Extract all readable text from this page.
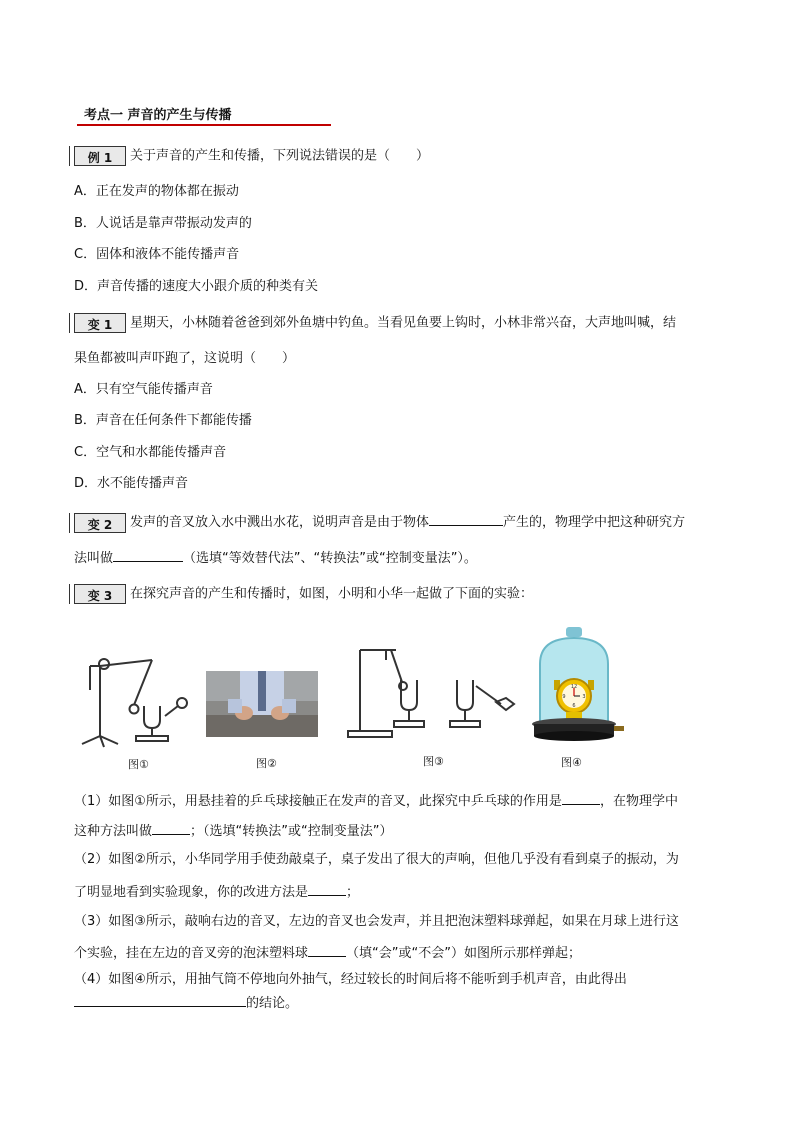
考点一 声音的产生与传播
例 1	关于声音的产生和传播，下列说法错误的是（　　）
A．正在发声的物体都在振动
B．人说话是靠声带振动发声的
C．固体和液体不能传播声音
D．声音传播的速度大小跟介质的种类有关
变 1	星期天，小林随着爸爸到郊外鱼塘中钓鱼。当看见鱼要上钩时，小林非常兴奋，大声地叫喊，结
果鱼都被叫声吓跑了，这说明（　　）
A．只有空气能传播声音
B．声音在任何条件下都能传播
C．空气和水都能传播声音
D．水不能传播声音
变 2	发声的音叉放入水中溅出水花，说明声音是由于物体	产生的，物理学中把这种研究方
法叫做	（选填“等效替代法”、“转换法”或“控制变量法”）。
变 3	在探究声音的产生和传播时，如图，小明和小华一起做了下面的实验：
图①	图②	图③
12
3
6
9
图④
（1）如图①所示，用悬挂着的乒乓球接触正在发声的音叉，此探究中乒乓球的作用是	，在物理学中
这种方法叫做	；（选填“转换法”或“控制变量法”）
（2）如图②所示，小华同学用手使劲敲桌子，桌子发出了很大的声响，但他几乎没有看到桌子的振动，为
了明显地看到实验现象，你的改进方法是	；
（3）如图③所示，敲响右边的音叉，左边的音叉也会发声，并且把泡沫塑料球弹起，如果在月球上进行这
个实验，挂在左边的音叉旁的泡沫塑料球	（填“会”或“不会”）如图所示那样弹起；
（4）如图④所示，用抽气筒不停地向外抽气，经过较长的时间后将不能听到手机声音，由此得出
的结论。
